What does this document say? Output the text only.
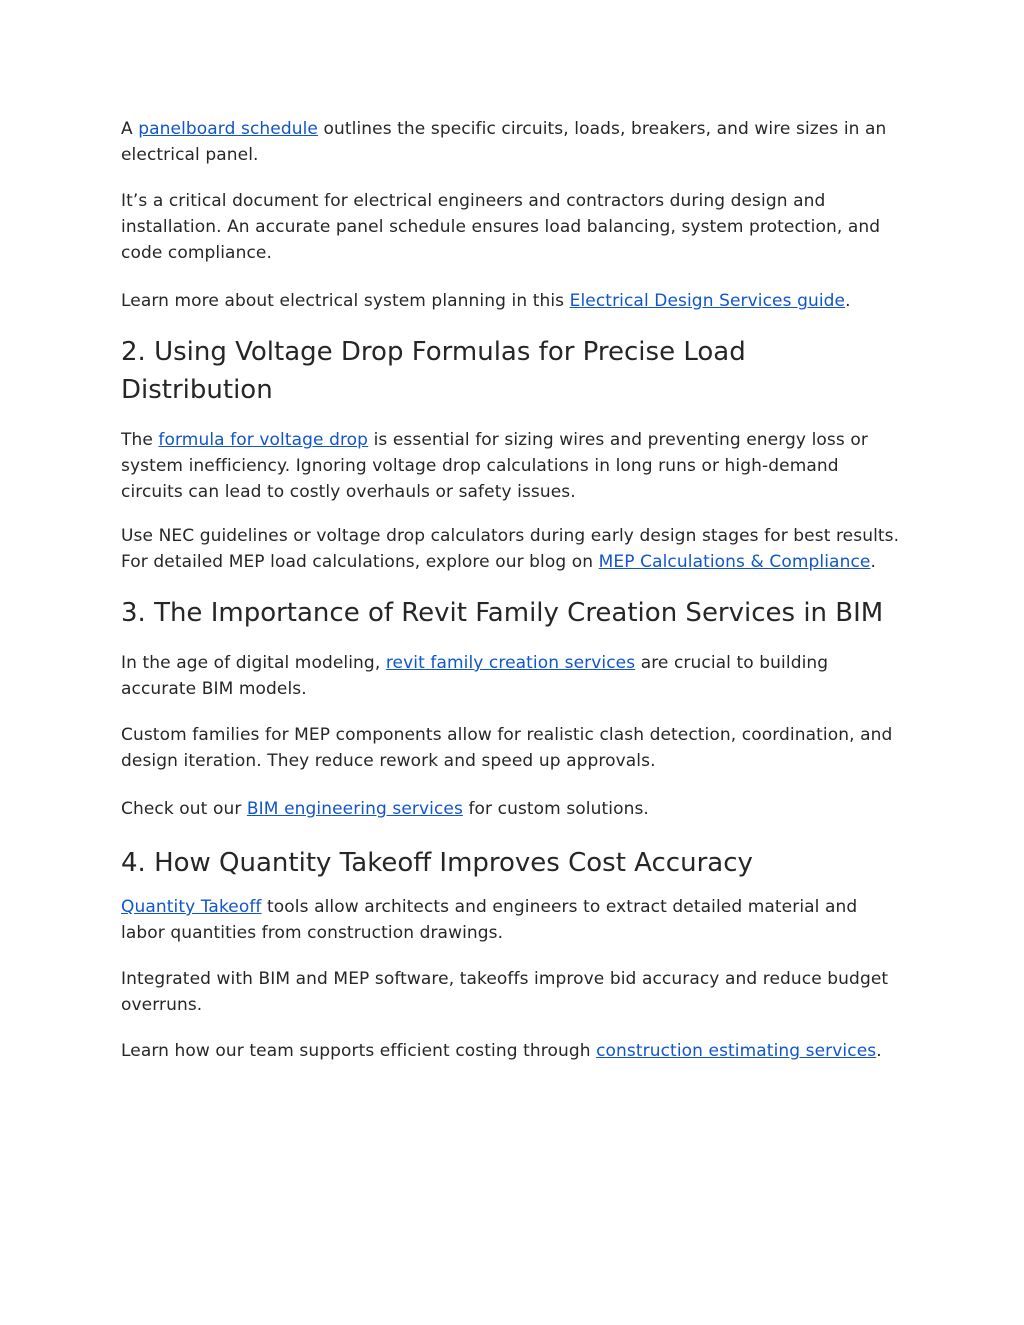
A panelboard schedule outlines the specific circuits, loads, breakers, and wire sizes in an electrical panel.

It’s a critical document for electrical engineers and contractors during design and installation. An accurate panel schedule ensures load balancing, system protection, and code compliance.

Learn more about electrical system planning in this Electrical Design Services guide.

2. Using Voltage Drop Formulas for Precise Load Distribution

The formula for voltage drop is essential for sizing wires and preventing energy loss or system inefficiency. Ignoring voltage drop calculations in long runs or high-demand circuits can lead to costly overhauls or safety issues.

Use NEC guidelines or voltage drop calculators during early design stages for best results. For detailed MEP load calculations, explore our blog on MEP Calculations & Compliance.

3. The Importance of Revit Family Creation Services in BIM

In the age of digital modeling, revit family creation services are crucial to building accurate BIM models.

Custom families for MEP components allow for realistic clash detection, coordination, and design iteration. They reduce rework and speed up approvals.

Check out our BIM engineering services for custom solutions.

4. How Quantity Takeoff Improves Cost Accuracy

Quantity Takeoff tools allow architects and engineers to extract detailed material and labor quantities from construction drawings.

Integrated with BIM and MEP software, takeoffs improve bid accuracy and reduce budget overruns.

Learn how our team supports efficient costing through construction estimating services.
